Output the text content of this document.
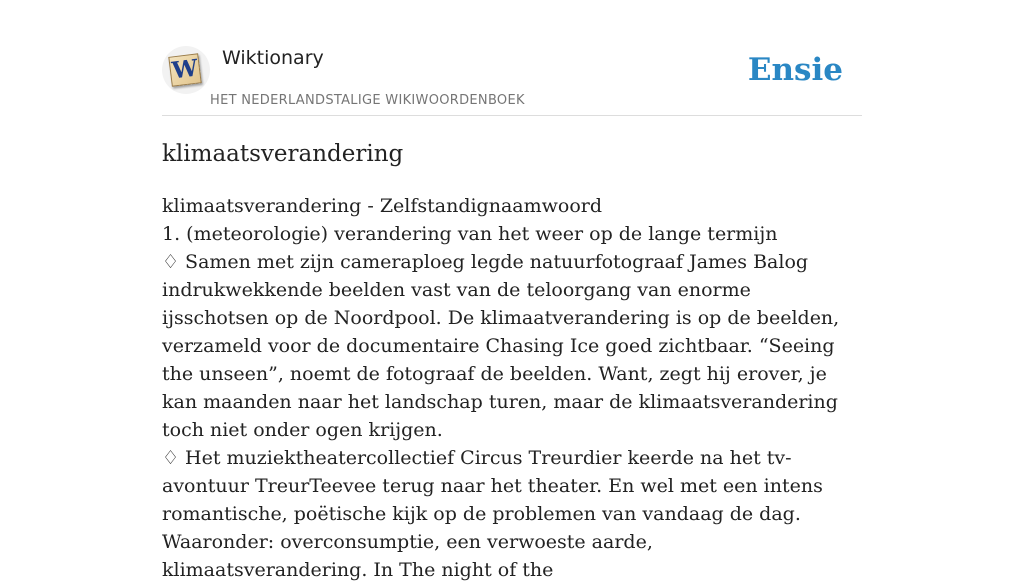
W Wiktionary
HET NEDERLANDSTALIGE WIKIWOORDENBOEK
Ensie
klimaatsverandering

klimaatsverandering - Zelfstandignaamwoord

1. (meteorologie) verandering van het weer op de lange termijn

♢ Samen met zijn cameraploeg legde natuurfotograaf James Balog indrukwekkende beelden vast van de teloorgang van enorme ijsschotsen op de Noordpool. De klimaatverandering is op de beelden, verzameld voor de documentaire Chasing Ice goed zichtbaar. “Seeing the unseen”, noemt de fotograaf de beelden. Want, zegt hij erover, je kan maanden naar het landschap turen, maar de klimaatsverandering toch niet onder ogen krijgen.

♢ Het muziektheatercollectief Circus Treurdier keerde na het tv-avontuur TreurTeevee terug naar het theater. En wel met een intens romantische, poëtische kijk op de problemen van vandaag de dag. Waaronder: overconsumptie, een verwoeste aarde, klimaatsverandering. In The night of the
